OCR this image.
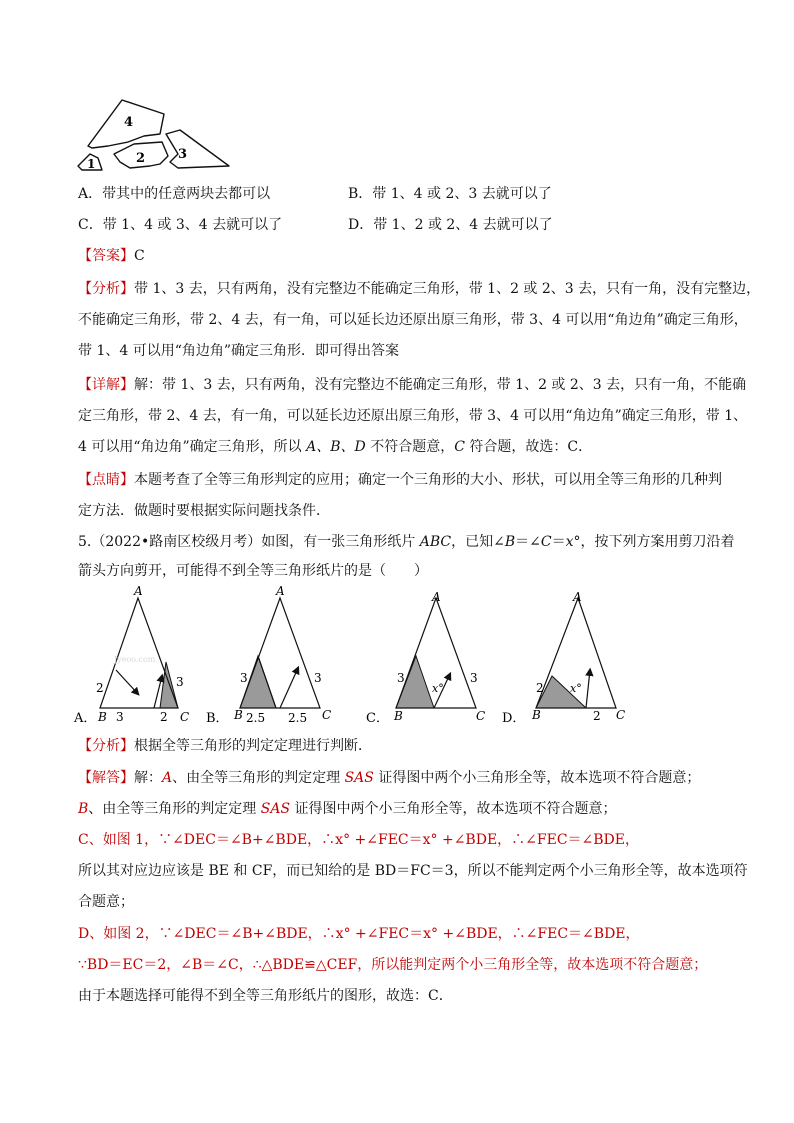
4
1	2	3
A．带其中的任意两块去都可以	B．带 1、4 或 2、3 去就可以了
C．带 1、4 或 3、4 去就可以了	D．带 1、2 或 2、4 去就可以了
【答案】C
【分析】带 1、3 去，只有两角，没有完整边不能确定三角形，带 1、2 或 2、3 去，只有一角，没有完整边，
不能确定三角形，带 2、4 去，有一角，可以延长边还原出原三角形，带 3、4 可以用“角边角”确定三角形，
带 1、4 可以用“角边角”确定三角形．即可得出答案
【详解】解：带 1、3 去，只有两角，没有完整边不能确定三角形，带 1、2 或 2、3 去，只有一角，不能确
定三角形，带 2、4 去，有一角，可以延长边还原出原三角形，带 3、4 可以用“角边角”确定三角形，带 1、
4 可以用“角边角”确定三角形，所以 A、B、D 不符合题意，C 符合题，故选：C．
【点睛】本题考查了全等三角形判定的应用；确定一个三角形的大小、形状，可以用全等三角形的几种判
定方法．做题时要根据实际问题找条件．
5.（2022•路南区校级月考）如图，有一张三角形纸片 ABC，已知∠B＝∠C＝x°，按下列方案用剪刀沿着
箭头方向剪开，可能得不到全等三角形纸片的是（　　）
Jyeoo.com
A
B	C
2
3	2
3
A
B	C
3
2.5 2.5
3
A
B	C
3	3
x°
A
B	C
2
2
x°
A．	B．	C．	D．
【分析】根据全等三角形的判定定理进行判断．
【解答】解：A、由全等三角形的判定定理 SAS 证得图中两个小三角形全等，故本选项不符合题意；
B、由全等三角形的判定定理 SAS 证得图中两个小三角形全等，故本选项不符合题意；
C、如图 1，∵∠DEC＝∠B+∠BDE，∴x° +∠FEC＝x° +∠BDE，∴∠FEC＝∠BDE，
所以其对应边应该是 BE 和 CF，而已知给的是 BD＝FC＝3，所以不能判定两个小三角形全等，故本选项符
合题意；
D、如图 2，∵∠DEC＝∠B+∠BDE，∴x° +∠FEC＝x° +∠BDE，∴∠FEC＝∠BDE，
∵BD＝EC＝2，∠B＝∠C，∴△BDE≌△CEF，所以能判定两个小三角形全等，故本选项不符合题意；
由于本题选择可能得不到全等三角形纸片的图形，故选：C．
